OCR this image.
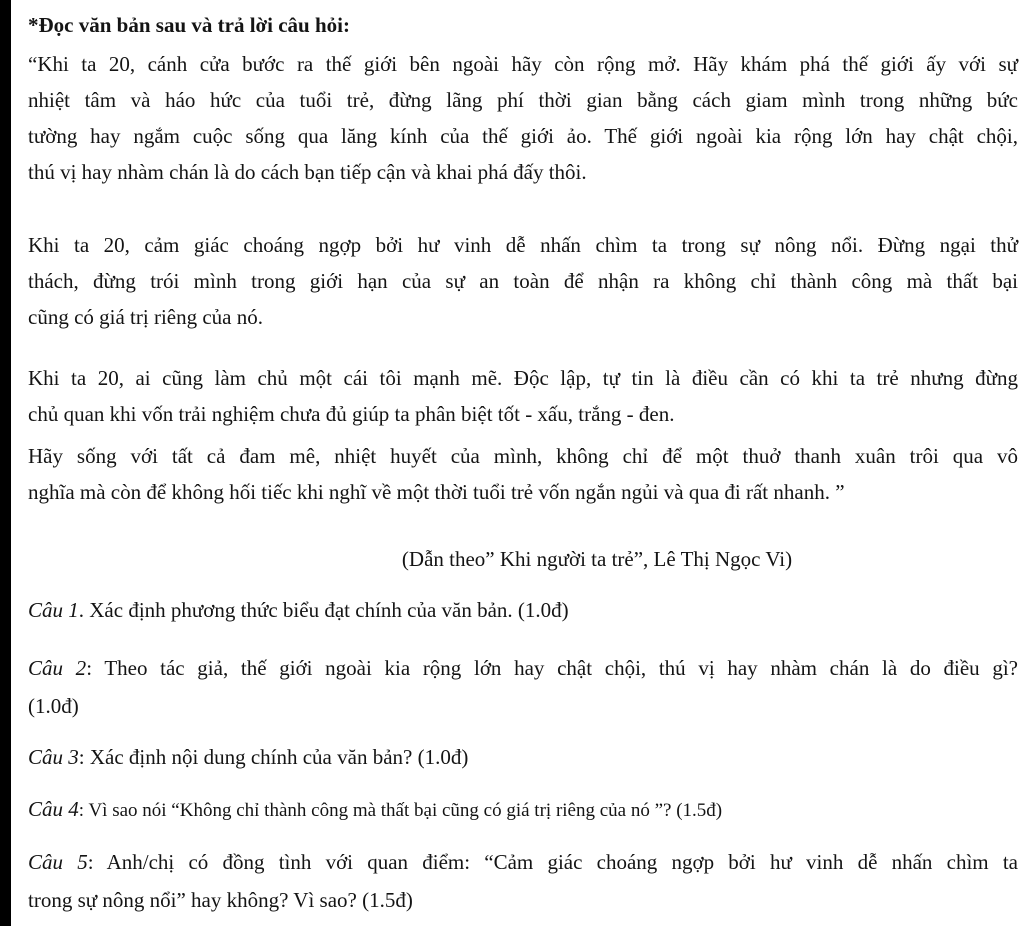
*Đọc văn bản sau và trả lời câu hỏi:
“Khi ta 20, cánh cửa bước ra thế giới bên ngoài hãy còn rộng mở. Hãy khám phá thế giới ấy với sự
nhiệt tâm và háo hức của tuổi trẻ, đừng lãng phí thời gian bằng cách giam mình trong những bức
tường hay ngắm cuộc sống qua lăng kính của thế giới ảo. Thế giới ngoài kia rộng lớn hay chật chội,
thú vị hay nhàm chán là do cách bạn tiếp cận và khai phá đấy thôi.
Khi ta 20, cảm giác choáng ngợp bởi hư vinh dễ nhấn chìm ta trong sự nông nổi. Đừng ngại thử
thách, đừng trói mình trong giới hạn của sự an toàn để nhận ra không chỉ thành công mà thất bại
cũng có giá trị riêng của nó.
Khi ta 20, ai cũng làm chủ một cái tôi mạnh mẽ. Độc lập, tự tin là điều cần có khi ta trẻ nhưng đừng
chủ quan khi vốn trải nghiệm chưa đủ giúp ta phân biệt tốt - xấu, trắng - đen.
Hãy sống với tất cả đam mê, nhiệt huyết của mình, không chỉ để một thuở thanh xuân trôi qua vô
nghĩa mà còn để không hối tiếc khi nghĩ về một thời tuổi trẻ vốn ngắn ngủi và qua đi rất nhanh. ”
(Dẫn theo” Khi người ta trẻ”, Lê Thị Ngọc Vi)
Câu 1. Xác định phương thức biểu đạt chính của văn bản. (1.0đ)
Câu 2: Theo tác giả, thế giới ngoài kia rộng lớn hay chật chội, thú vị hay nhàm chán là do điều gì?
(1.0đ)
Câu 3: Xác định nội dung chính của văn bản? (1.0đ)
Câu 4: Vì sao nói “Không chỉ thành công mà thất bại cũng có giá trị riêng của nó ”? (1.5đ)
Câu 5: Anh/chị có đồng tình với quan điểm: “Cảm giác choáng ngợp bởi hư vinh dễ nhấn chìm ta
trong sự nông nổi” hay không? Vì sao? (1.5đ)
